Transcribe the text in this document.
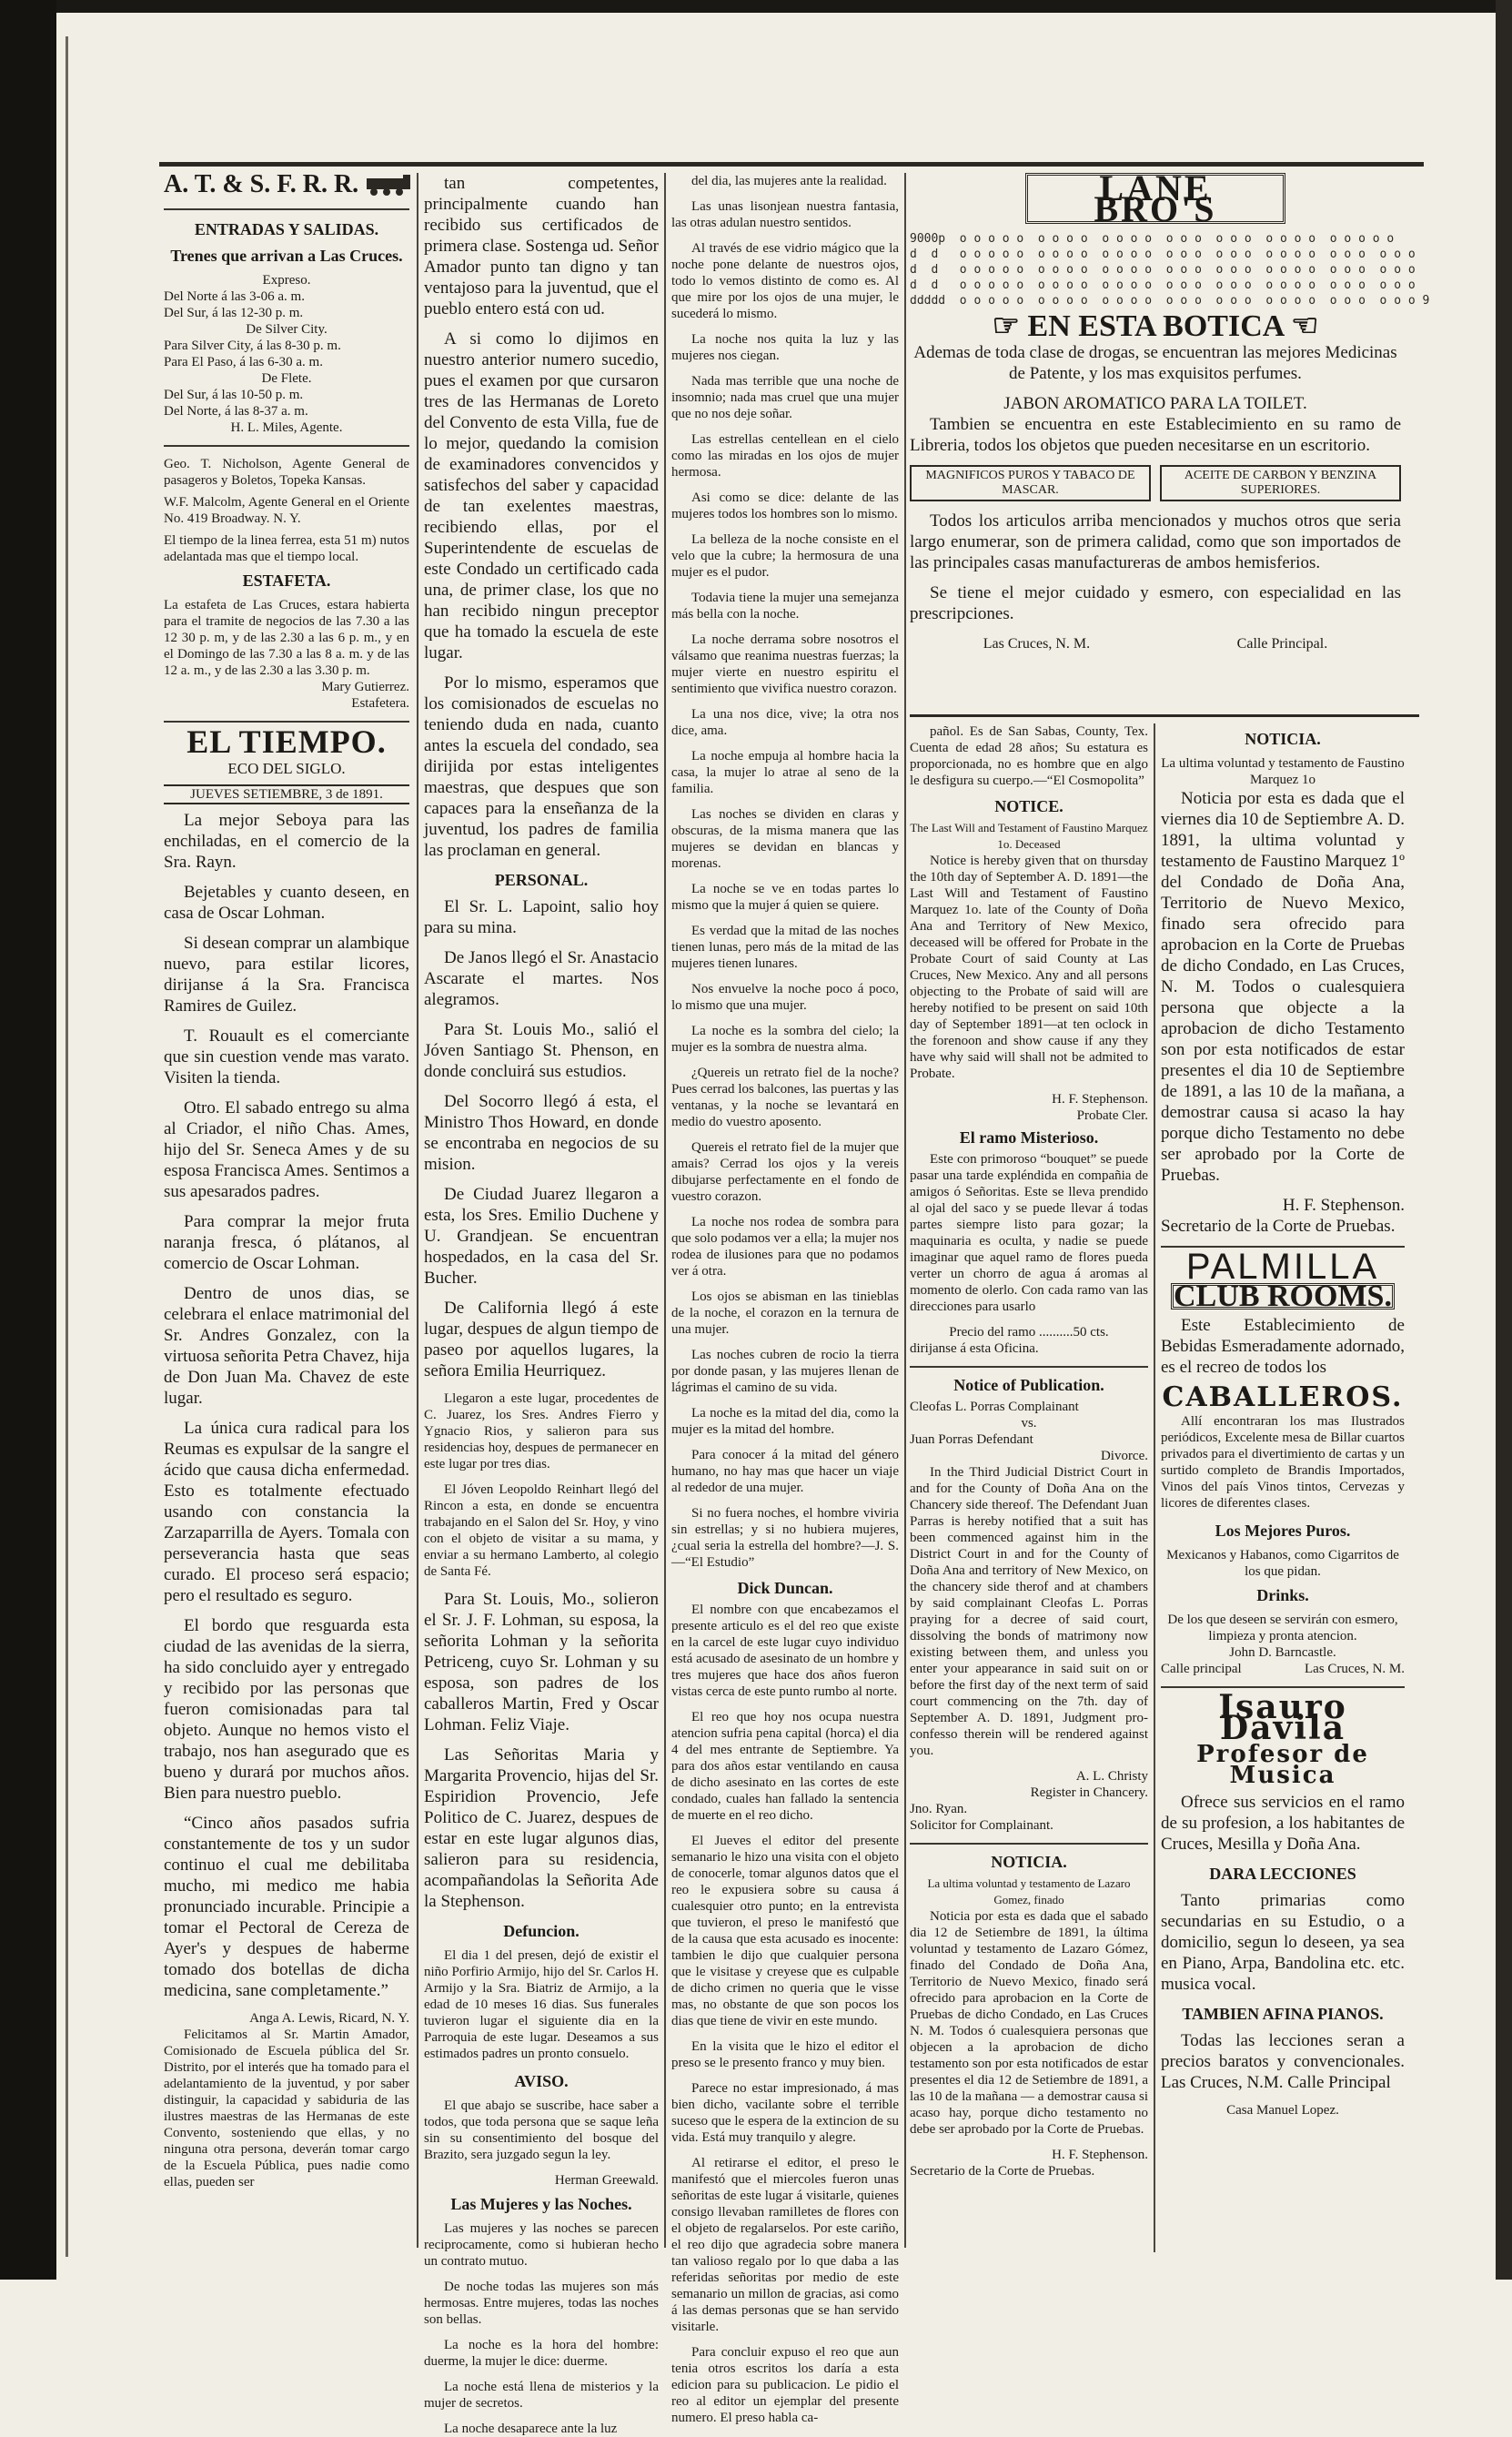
A. T. & S. F. R. R.
ENTRADAS Y SALIDAS.
Trenes que arrivan a Las Cruces.
Expreso.
Del Norte á las 3-06 a. m.
Del Sur, á las 12-30 p. m.
De Silver City.
Para Silver City, á las 8-30 p. m.
Para El Paso, á las 6-30 a. m.
De Flete.
Del Sur, á las 10-50 p. m.
Del Norte, á las 8-37 a. m.
H. L. Miles, Agente.
Geo. T. Nicholson, Agente General de pasageros y Boletos, Topeka Kansas.
W.F. Malcolm, Agente General en el Oriente No. 419 Broadway. N. Y.
El tiempo de la linea ferrea, esta 51 m) nutos adelantada mas que el tiempo local.
ESTAFETA.
La estafeta de Las Cruces, estara habierta para el tramite de negocios de las 7.30 a las 12 30 p. m, y de las 2.30 a las 6 p. m., y en el Domingo de las 7.30 a las 8 a. m. y de las 12 a. m., y de las 2.30 a las 3.30 p. m.
Mary Gutierrez.
Estafetera.
EL TIEMPO.
ECO DEL SIGLO.
JUEVES SETIEMBRE, 3 de 1891.

La mejor Seboya para las enchiladas, en el comercio de la Sra. Rayn.

Bejetables y cuanto deseen, en casa de Oscar Lohman.

Si desean comprar un alambique nuevo, para estilar licores, dirijanse á la Sra. Francisca Ramires de Guilez.

T. Rouault es el comerciante que sin cuestion vende mas varato. Visiten la tienda.

Otro. El sabado entrego su alma al Criador, el niño Chas. Ames, hijo del Sr. Seneca Ames y de su esposa Francisca Ames. Sentimos a sus apesarados padres.

Para comprar la mejor fruta naranja fresca, ó plátanos, al comercio de Oscar Lohman.

Dentro de unos dias, se celebrara el enlace matrimonial del Sr. Andres Gonzalez, con la virtuosa señorita Petra Chavez, hija de Don Juan Ma. Chavez de este lugar.

La única cura radical para los Reumas es expulsar de la sangre el ácido que causa dicha enfermedad. Esto es totalmente efectuado usando con constancia la Zarzaparrilla de Ayers. Tomala con perseverancia hasta que seas curado. El proceso será espacio; pero el resultado es seguro.

El bordo que resguarda esta ciudad de las avenidas de la sierra, ha sido concluido ayer y entregado y recibido por las personas que fueron comisionadas para tal objeto. Aunque no hemos visto el trabajo, nos han asegurado que es bueno y durará por muchos años. Bien para nuestro pueblo.

“Cinco años pasados sufria constantemente de tos y un sudor continuo el cual me debilitaba mucho, mi medico me habia pronunciado incurable. Principie a tomar el Pectoral de Cereza de Ayer's y despues de haberme tomado dos botellas de dicha medicina, sane completamente.”

Anga A. Lewis, Ricard, N. Y.

Felicitamos al Sr. Martin Amador, Comisionado de Escuela pública del Sr. Distrito, por el interés que ha tomado para el adelantamiento de la juventud, y por saber distinguir, la capacidad y sabiduria de las ilustres maestras de las Hermanas de este Convento, sosteniendo que ellas, y no ninguna otra persona, deverán tomar cargo de la Escuela Pública, pues nadie como ellas, pueden ser

tan competentes, principalmente cuando han recibido sus certificados de primera clase. Sostenga ud. Señor Amador punto tan digno y tan ventajoso para la juventud, que el pueblo entero está con ud.

A si como lo dijimos en nuestro anterior numero sucedio, pues el examen por que cursaron tres de las Hermanas de Loreto del Convento de esta Villa, fue de lo mejor, quedando la comision de examinadores convencidos y satisfechos del saber y capacidad de tan exelentes maestras, recibiendo ellas, por el Superintendente de escuelas de este Condado un certificado cada una, de primer clase, los que no han recibido ningun preceptor que ha tomado la escuela de este lugar.

Por lo mismo, esperamos que los comisionados de escuelas no teniendo duda en nada, cuanto antes la escuela del condado, sea dirijida por estas inteligentes maestras, que despues que son capaces para la enseñanza de la juventud, los padres de familia las proclaman en general.

PERSONAL.

El Sr. L. Lapoint, salio hoy para su mina.

De Janos llegó el Sr. Anastacio Ascarate el martes. Nos alegramos.

Para St. Louis Mo., salió el Jóven Santiago St. Phenson, en donde concluirá sus estudios.

Del Socorro llegó á esta, el Ministro Thos Howard, en donde se encontraba en negocios de su mision.

De Ciudad Juarez llegaron a esta, los Sres. Emilio Duchene y U. Grandjean. Se encuentran hospedados, en la casa del Sr. Bucher.

De California llegó á este lugar, despues de algun tiempo de paseo por aquellos lugares, la señora Emilia Heurriquez.

Llegaron a este lugar, procedentes de C. Juarez, los Sres. Andres Fierro y Ygnacio Rios, y salieron para sus residencias hoy, despues de permanecer en este lugar por tres dias.

El Jóven Leopoldo Reinhart llegó del Rincon a esta, en donde se encuentra trabajando en el Salon del Sr. Hoy, y vino con el objeto de visitar a su mama, y enviar a su hermano Lamberto, al colegio de Santa Fé.

Para St. Louis, Mo., solieron el Sr. J. F. Lohman, su esposa, la señorita Lohman y la señorita Petriceng, cuyo Sr. Lohman y su esposa, son padres de los caballeros Martin, Fred y Oscar Lohman. Feliz Viaje.

Las Señoritas Maria y Margarita Provencio, hijas del Sr. Espiridion Provencio, Jefe Politico de C. Juarez, despues de estar en este lugar algunos dias, salieron para su residencia, acompañandolas la Señorita Ade la Stephenson.

Defuncion.

El dia 1 del presen, dejó de existir el niño Porfirio Armijo, hijo del Sr. Carlos H. Armijo y la Sra. Biatriz de Armijo, a la edad de 10 meses 16 dias. Sus funerales tuvieron lugar el siguiente dia en la Parroquia de este lugar. Deseamos a sus estimados padres un pronto consuelo.

AVISO.

El que abajo se suscribe, hace saber a todos, que toda persona que se saque leña sin su consentimiento del bosque del Brazito, sera juzgado segun la ley.

Herman Greewald.
Las Mujeres y las Noches.

Las mujeres y las noches se parecen reciprocamente, como si hubieran hecho un contrato mutuo.

De noche todas las mujeres son más hermosas. Entre mujeres, todas las noches son bellas.

La noche es la hora del hombre: duerme, la mujer le dice: duerme.

La noche está llena de misterios y la mujer de secretos.

La noche desaparece ante la luz

del dia, las mujeres ante la realidad.

Las unas lisonjean nuestra fantasia, las otras adulan nuestro sentidos.

Al través de ese vidrio mágico que la noche pone delante de nuestros ojos, todo lo vemos distinto de como es. Al que mire por los ojos de una mujer, le sucederá lo mismo.

La noche nos quita la luz y las mujeres nos ciegan.

Nada mas terrible que una noche de insomnio; nada mas cruel que una mujer que no nos deje soñar.

Las estrellas centellean en el cielo como las miradas en los ojos de mujer hermosa.

Asi como se dice: delante de las mujeres todos los hombres son lo mismo.

La belleza de la noche consiste en el velo que la cubre; la hermosura de una mujer es el pudor.

Todavia tiene la mujer una semejanza más bella con la noche.

La noche derrama sobre nosotros el válsamo que reanima nuestras fuerzas; la mujer vierte en nuestro espiritu el sentimiento que vivifica nuestro corazon.

La una nos dice, vive; la otra nos dice, ama.

La noche empuja al hombre hacia la casa, la mujer lo atrae al seno de la familia.

Las noches se dividen en claras y obscuras, de la misma manera que las mujeres se devidan en blancas y morenas.

La noche se ve en todas partes lo mismo que la mujer á quien se quiere.

Es verdad que la mitad de las noches tienen lunas, pero más de la mitad de las mujeres tienen lunares.

Nos envuelve la noche poco á poco, lo mismo que una mujer.

La noche es la sombra del cielo; la mujer es la sombra de nuestra alma.

¿Quereis un retrato fiel de la noche? Pues cerrad los balcones, las puertas y las ventanas, y la noche se levantará en medio do vuestro aposento.

Quereis el retrato fiel de la mujer que amais? Cerrad los ojos y la vereis dibujarse perfectamente en el fondo de vuestro corazon.

La noche nos rodea de sombra para que solo podamos ver a ella; la mujer nos rodea de ilusiones para que no podamos ver á otra.

Los ojos se abisman en las tinieblas de la noche, el corazon en la ternura de una mujer.

Las noches cubren de rocio la tierra por donde pasan, y las mujeres llenan de lágrimas el camino de su vida.

La noche es la mitad del dia, como la mujer es la mitad del hombre.

Para conocer á la mitad del género humano, no hay mas que hacer un viaje al rededor de una mujer.

Si no fuera noches, el hombre viviria sin estrellas; y si no hubiera mujeres, ¿cual seria la estrella del hombre?—J. S.—“El Estudio”

Dick Duncan.

El nombre con que encabezamos el presente articulo es el del reo que existe en la carcel de este lugar cuyo individuo está acusado de asesinato de un hombre y tres mujeres que hace dos años fueron vistas cerca de este punto rumbo al norte.

El reo que hoy nos ocupa nuestra atencion sufria pena capital (horca) el dia 4 del mes entrante de Septiembre. Ya para dos años estar ventilando en causa de dicho asesinato en las cortes de este condado, cuales han fallado la sentencia de muerte en el reo dicho.

El Jueves el editor del presente semanario le hizo una visita con el objeto de conocerle, tomar algunos datos que el reo le expusiera sobre su causa á cualesquier otro punto; en la entrevista que tuvieron, el preso le manifestó que de la causa que esta acusado es inocente: tambien le dijo que cualquier persona que le visitase y creyese que es culpable de dicho crimen no queria que le visse mas, no obstante de que son pocos los dias que tiene de vivir en este mundo.

En la visita que le hizo el editor el preso se le presento franco y muy bien.

Parece no estar impresionado, á mas bien dicho, vacilante sobre el terrible suceso que le espera de la extincion de su vida. Está muy tranquilo y alegre.

Al retirarse el editor, el preso le manifestó que el miercoles fueron unas señoritas de este lugar á visitarle, quienes consigo llevaban ramilletes de flores con el objeto de regalarselos. Por este cariño, el reo dijo que agradecia sobre manera tan valioso regalo por lo que daba a las referidas señoritas por medio de este semanario un millon de gracias, asi como á las demas personas que se han servido visitarle.

Para concluir expuso el reo que aun tenia otros escritos los daría a esta edicion para su publicacion. Le pidio el reo al editor un ejemplar del presente numero. El preso habla ca-

LANE BRO'S
9000p  o o o o o  o o o o  o o o o  o o o  o o o  o o o o  o o o o o
d  d   o o o o o  o o o o  o o o o  o o o  o o o  o o o o  o o o  o o o
d  d   o o o o o  o o o o  o o o o  o o o  o o o  o o o o  o o o  o o o
d  d   o o o o o  o o o o  o o o o  o o o  o o o  o o o o  o o o  o o o
ddddd  o o o o o  o o o o  o o o o  o o o  o o o  o o o o  o o o  o o o 9
☞ EN ESTA BOTICA ☜

Ademas de toda clase de drogas, se encuentran las mejores Medicinas de Patente, y los mas exquisitos perfumes.

JABON AROMATICO PARA LA TOILET.

Tambien se encuentra en este Establecimiento en su ramo de Libreria, todos los objetos que pueden necesitarse en un escritorio.

MAGNIFICOS PUROS Y TABACO DE MASCAR.
ACEITE DE CARBON Y BENZINA SUPERIORES.

Todos los articulos arriba mencionados y muchos otros que seria largo enumerar, son de primera calidad, como que son importados de las principales casas manufactureras de ambos hemisferios.

Se tiene el mejor cuidado y esmero, con especialidad en las prescripciones.

Las Cruces, N. M.	Calle Principal.

pañol. Es de San Sabas, County, Tex. Cuenta de edad 28 años; Su estatura es proporcionada, no es hombre que en algo le desfigura su cuerpo.—“El Cosmopolita”

NOTICE.
The Last Will and Testament of Faustino Marquez 1o. Deceased

Notice is hereby given that on thursday the 10th day of September A. D. 1891—the Last Will and Testament of Faustino Marquez 1o. late of the County of Doña Ana and Territory of New Mexico, deceased will be offered for Probate in the Probate Court of said County at Las Cruces, New Mexico. Any and all persons objecting to the Probate of said will are hereby notified to be present on said 10th day of September 1891—at ten oclock in the forenoon and show cause if any they have why said will shall not be admited to Probate.

H. F. Stephenson.
Probate Cler.
El ramo Misterioso.

Este con primoroso “bouquet” se puede pasar una tarde expléndida en compañia de amigos ó Señoritas. Este se lleva prendido al ojal del saco y se puede llevar á todas partes siempre listo para gozar; la maquinaria es oculta, y nadie se puede imaginar que aquel ramo de flores pueda verter un chorro de agua á aromas al momento de olerlo. Con cada ramo van las direcciones para usarlo

Precio del ramo ..........50 cts.
dirijanse á esta Oficina.
Notice of Publication.
Cleofas L. Porras Complainant
vs.
Juan Porras Defendant
Divorce.

In the Third Judicial District Court in and for the County of Doña Ana on the Chancery side thereof. The Defendant Juan Parras is hereby notified that a suit has been commenced against him in the District Court in and for the County of Doña Ana and territory of New Mexico, on the chancery side therof and at chambers by said complainant Cleofas L. Porras praying for a decree of said court, dissolving the bonds of matrimony now existing between them, and unless you enter your appearance in said suit on or before the first day of the next term of said court commencing on the 7th. day of September A. D. 1891, Judgment pro-confesso therein will be rendered against you.

A. L. Christy
Register in Chancery.
Jno. Ryan.
Solicitor for Complainant.
NOTICIA.
La ultima voluntad y testamento de Lazaro Gomez, finado

Noticia por esta es dada que el sabado dia 12 de Setiembre de 1891, la última voluntad y testamento de Lazaro Gómez, finado del Condado de Doña Ana, Territorio de Nuevo Mexico, finado será ofrecido para aprobacion en la Corte de Pruebas de dicho Condado, en Las Cruces N. M. Todos ó cualesquiera personas que objecen a la aprobacion de dicho testamento son por esta notificados de estar presentes el dia 12 de Setiembre de 1891, a las 10 de la mañana — a demostrar causa si acaso hay, porque dicho testamento no debe ser aprobado por la Corte de Pruebas.

H. F. Stephenson.
Secretario de la Corte de Pruebas.
NOTICIA.
La ultima voluntad y testamento de Faustino Marquez 1o

Noticia por esta es dada que el viernes dia 10 de Septiembre A. D. 1891, la ultima voluntad y testamento de Faustino Marquez 1º del Condado de Doña Ana, Territorio de Nuevo Mexico, finado sera ofrecido para aprobacion en la Corte de Pruebas de dicho Condado, en Las Cruces, N. M. Todos o cualesquiera persona que objecte a la aprobacion de dicho Testamento son por esta notificados de estar presentes el dia 10 de Septiembre de 1891, a las 10 de la mañana, a demostrar causa si acaso la hay porque dicho Testamento no debe ser aprobado por la Corte de Pruebas.

H. F. Stephenson.
Secretario de la Corte de Pruebas.
PALMILLA
CLUB ROOMS.

Este Establecimiento de Bebidas Esmeradamente adornado, es el recreo de todos los

CABALLEROS.

Allí encontraran los mas Ilustrados periódicos, Excelente mesa de Billar cuartos privados para el divertimiento de cartas y un surtido completo de Brandis Importados, Vinos del país Vinos tintos, Cervezas y licores de diferentes clases.

Los Mejores Puros.
Mexicanos y Habanos, como Cigarritos de los que pidan.
Drinks.
De los que deseen se servirán con esmero, limpieza y pronta atencion.
John D. Barncastle.
Calle principal	Las Cruces, N. M.
Isauro Davila
Profesor de Musica

Ofrece sus servicios en el ramo de su profesion, a los habitantes de Cruces, Mesilla y Doña Ana.

DARA LECCIONES

Tanto primarias como secundarias en su Estudio, o a domicilio, segun lo deseen, ya sea en Piano, Arpa, Bandolina etc. etc. musica vocal.

TAMBIEN AFINA PIANOS.

Todas las lecciones seran a precios baratos y convencionales. Las Cruces, N.M. Calle Principal

Casa Manuel Lopez.
